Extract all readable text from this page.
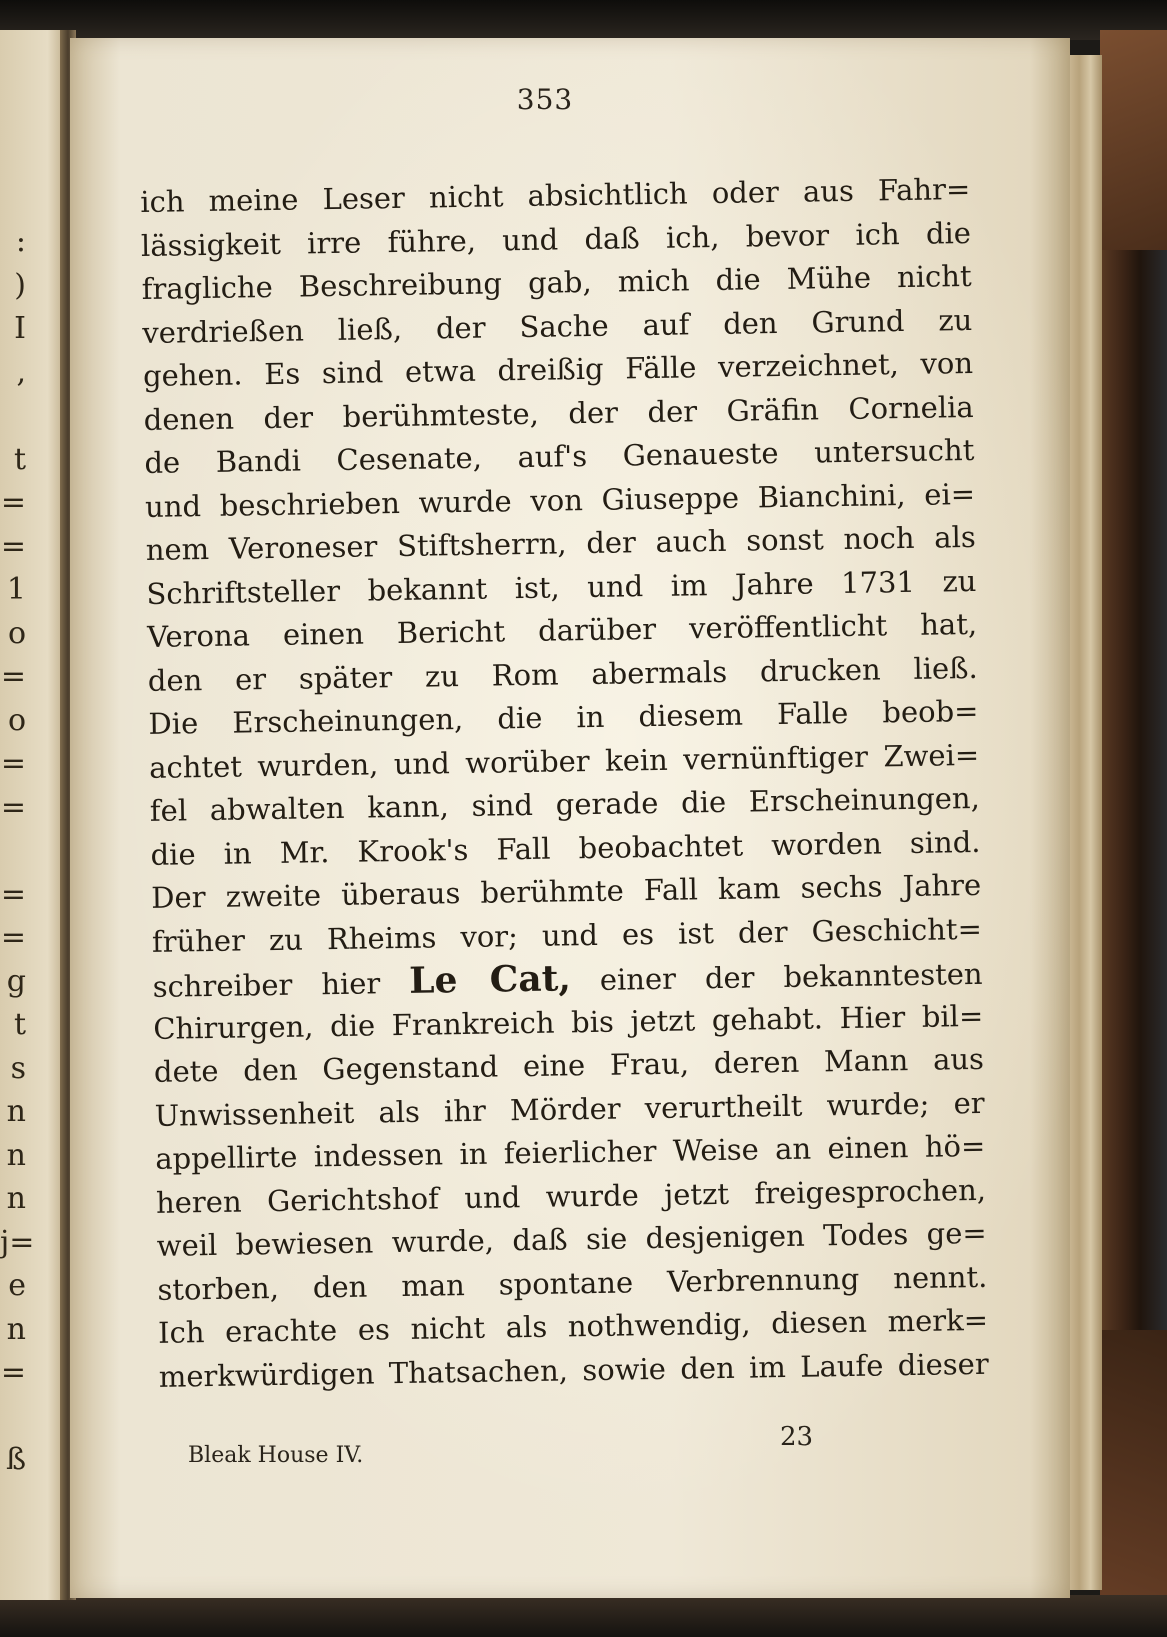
:
)
I
,
t
=
=
1
o
=
o
=
=
=
=
g
t
s
n
n
n
j=
e
n
=
ß
353
ich meine Leser nicht absichtlich oder aus Fahr=
lässigkeit irre führe, und daß ich, bevor ich die
fragliche Beschreibung gab, mich die Mühe nicht
verdrießen ließ, der Sache auf den Grund zu
gehen. Es sind etwa dreißig Fälle verzeichnet, von
denen der berühmteste, der der Gräfin Cornelia
de Bandi Cesenate, auf's Genaueste untersucht
und beschrieben wurde von Giuseppe Bianchini, ei=
nem Veroneser Stiftsherrn, der auch sonst noch als
Schriftsteller bekannt ist, und im Jahre 1731 zu
Verona einen Bericht darüber veröffentlicht hat,
den er später zu Rom abermals drucken ließ.
Die Erscheinungen, die in diesem Falle beob=
achtet wurden, und worüber kein vernünftiger Zwei=
fel abwalten kann, sind gerade die Erscheinungen,
die in Mr. Krook's Fall beobachtet worden sind.
Der zweite überaus berühmte Fall kam sechs Jahre
früher zu Rheims vor; und es ist der Geschicht=
schreiber hier Le Cat, einer der bekanntesten
Chirurgen, die Frankreich bis jetzt gehabt. Hier bil=
dete den Gegenstand eine Frau, deren Mann aus
Unwissenheit als ihr Mörder verurtheilt wurde; er
appellirte indessen in feierlicher Weise an einen hö=
heren Gerichtshof und wurde jetzt freigesprochen,
weil bewiesen wurde, daß sie desjenigen Todes ge=
storben, den man spontane Verbrennung nennt.
Ich erachte es nicht als nothwendig, diesen merk=
merkwürdigen Thatsachen, sowie den im Laufe dieser
Bleak House IV.
23
